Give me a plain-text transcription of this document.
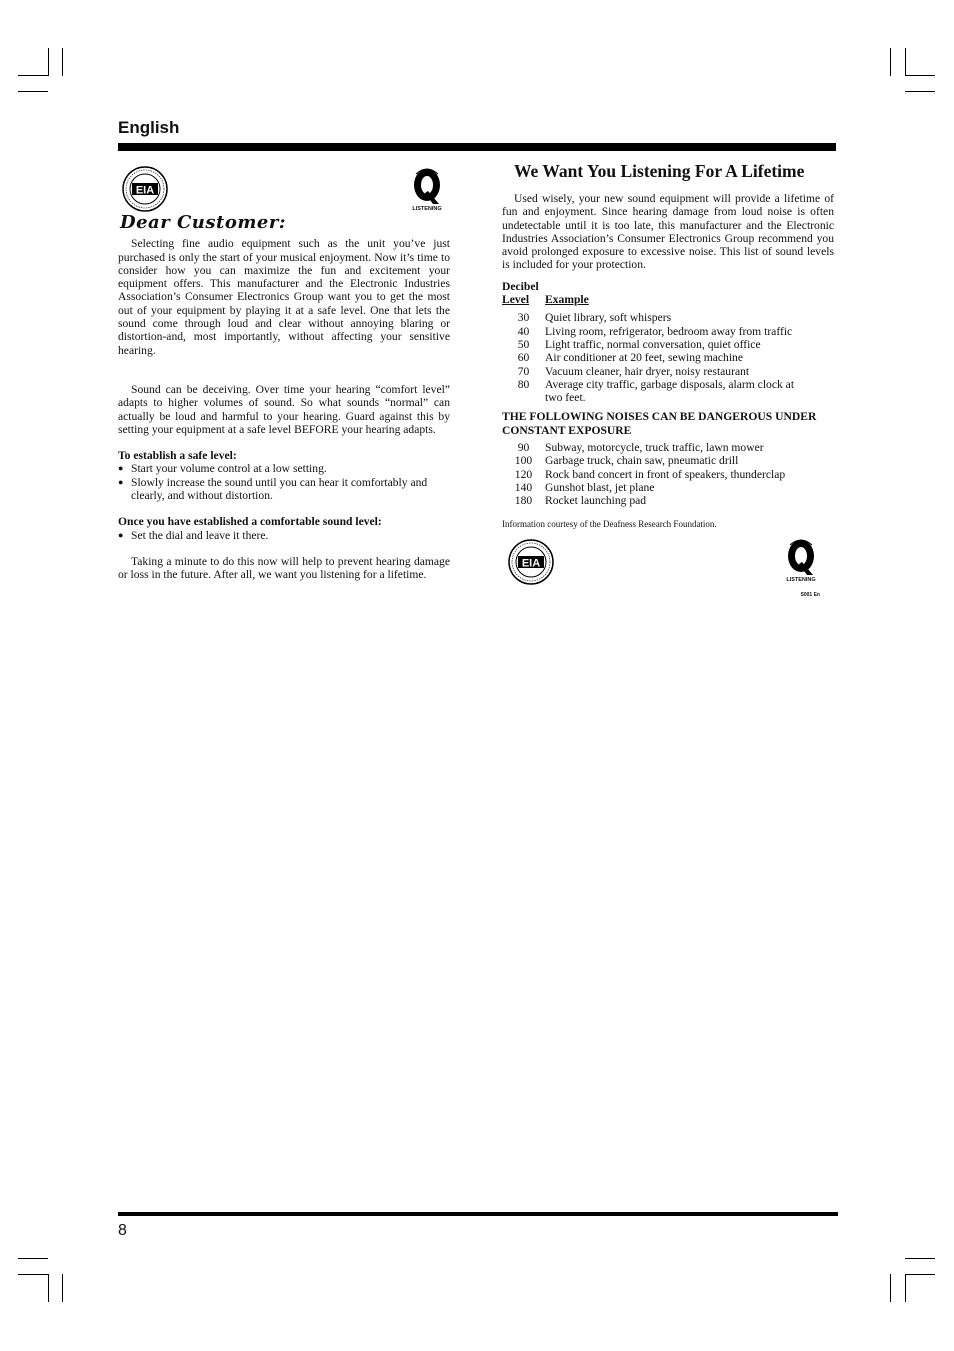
English
EIA
LISTENING
Dear Customer:

Selecting fine audio equipment such as the unit you’ve just purchased is only the start of your musical enjoyment. Now it’s time to consider how you can maximize the fun and excitement your equipment offers. This manufacturer and the Electronic Industries Association’s Consumer Electronics Group want you to get the most out of your equipment by playing it at a safe level. One that lets the sound come through loud and clear without annoying blaring or distortion-and, most importantly, without affecting your sensitive hearing.

Sound can be deceiving. Over time your hearing “comfort level” adapts to higher volumes of sound. So what sounds “normal” can actually be loud and harmful to your hearing. Guard against this by setting your equipment at a safe level BEFORE your hearing adapts.

To establish a safe level:
● Start your volume control at a low setting.
● Slowly increase the sound until you can hear it comfortably and clearly, and without distortion.
Once you have established a comfortable sound level:
● Set the dial and leave it there.

Taking a minute to do this now will help to prevent hearing damage or loss in the future. After all, we want you listening for a lifetime.

We Want You Listening For A Lifetime

Used wisely, your new sound equipment will provide a lifetime of fun and enjoyment. Since hearing damage from loud noise is often undetectable until it is too late, this manufacturer and the Electronic Industries Association’s Consumer Electronics Group recommend you avoid prolonged exposure to excessive noise. This list of sound levels is included for your protection.

Decibel
Level	Example
30	Quiet library, soft whispers
40	Living room, refrigerator, bedroom away from traffic
50	Light traffic, normal conversation, quiet office
60	Air conditioner at 20 feet, sewing machine
70	Vacuum cleaner, hair dryer, noisy restaurant
80	Average city traffic, garbage disposals, alarm clock at two feet.
THE FOLLOWING NOISES CAN BE DANGEROUS UNDER CONSTANT EXPOSURE
90	Subway, motorcycle, truck traffic, lawn mower
100	Garbage truck, chain saw, pneumatic drill
120	Rock band concert in front of speakers, thunderclap
140	Gunshot blast, jet plane
180	Rocket launching pad
Information courtesy of the Deafness Research Foundation.
EIA
LISTENING
S001 En
8
